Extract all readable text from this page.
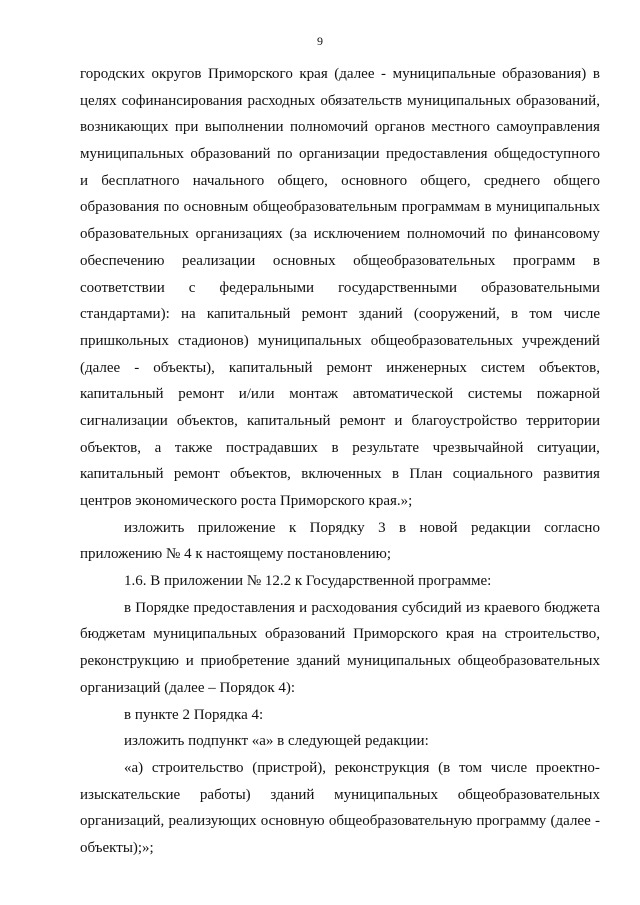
9
городских округов Приморского края (далее - муниципальные образования) в
целях софинансирования расходных обязательств муниципальных образований,
возникающих при выполнении полномочий органов местного самоуправления
муниципальных образований по организации предоставления общедоступного
и бесплатного начального общего, основного общего, среднего общего
образования по основным общеобразовательным программам в муниципальных
образовательных организациях (за исключением полномочий по финансовому
обеспечению реализации основных общеобразовательных программ в
соответствии с федеральными государственными образовательными
стандартами): на капитальный ремонт зданий (сооружений, в том числе
пришкольных стадионов) муниципальных общеобразовательных учреждений
(далее - объекты), капитальный ремонт инженерных систем объектов,
капитальный ремонт и/или монтаж автоматической системы пожарной
сигнализации объектов, капитальный ремонт и благоустройство территории
объектов, а также пострадавших в результате чрезвычайной ситуации,
капитальный ремонт объектов, включенных в План социального развития
центров экономического роста Приморского края.»;
изложить приложение к Порядку 3 в новой редакции согласно
приложению № 4 к настоящему постановлению;
1.6. В приложении № 12.2 к Государственной программе:
в Порядке предоставления и расходования субсидий из краевого бюджета
бюджетам муниципальных образований Приморского края на строительство,
реконструкцию и приобретение зданий муниципальных общеобразовательных
организаций (далее – Порядок 4):
в пункте 2 Порядка 4:
изложить подпункт «а» в следующей редакции:
«а) строительство (пристрой), реконструкция (в том числе проектно-
изыскательские работы) зданий муниципальных общеобразовательных
организаций, реализующих основную общеобразовательную программу (далее -
объекты);»;
